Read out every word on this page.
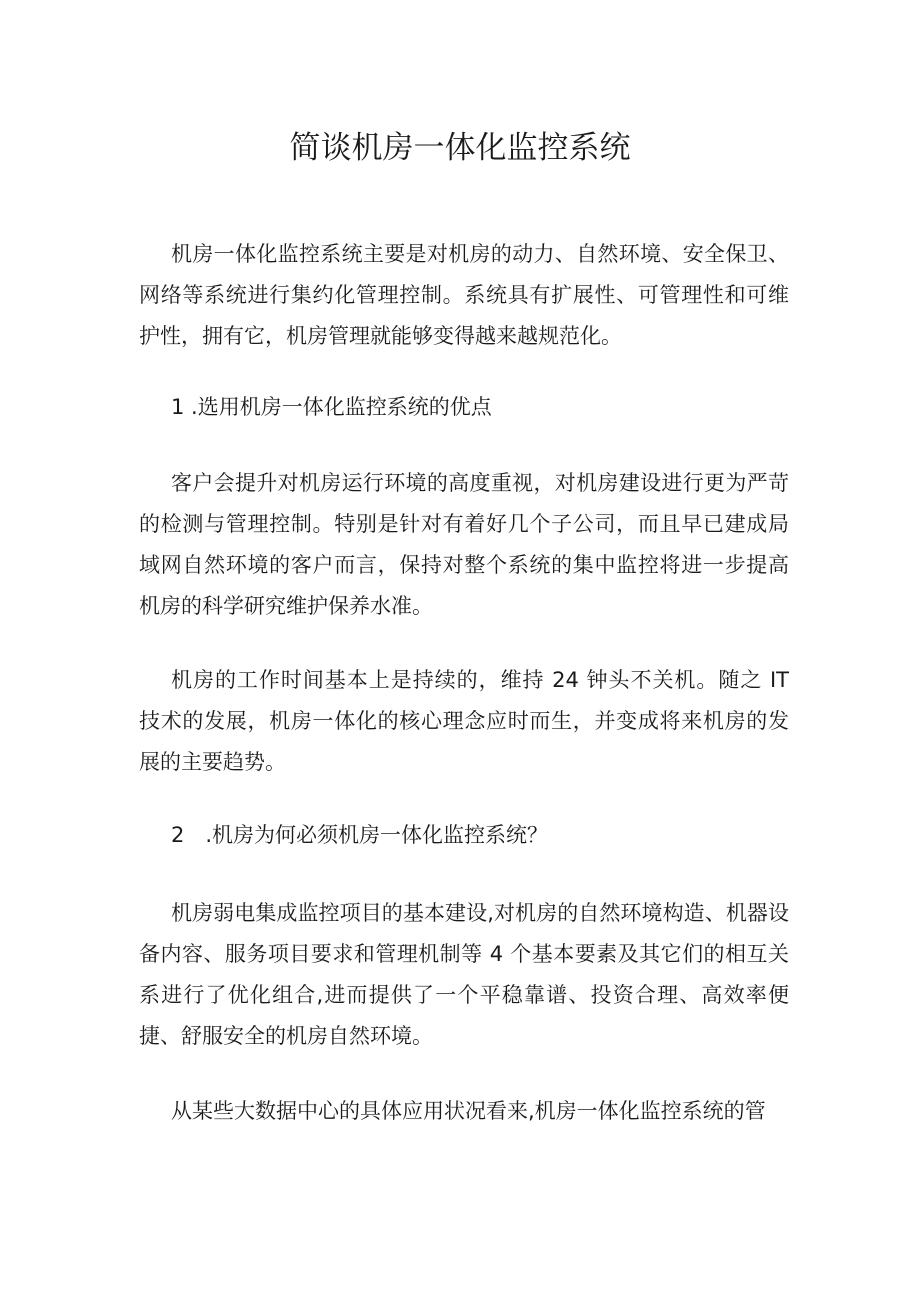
简谈机房一体化监控系统
机房一体化监控系统主要是对机房的动力、自然环境、安全保卫、网络等系统进行集约化管理控制。系统具有扩展性、可管理性和可维护性，拥有它，机房管理就能够变得越来越规范化。
1 .选用机房一体化监控系统的优点
客户会提升对机房运行环境的高度重视，对机房建设进行更为严苛的检测与管理控制。特别是针对有着好几个子公司，而且早已建成局域网自然环境的客户而言，保持对整个系统的集中监控将进一步提高机房的科学研究维护保养水准。
机房的工作时间基本上是持续的，维持 24 钟头不关机。随之 IT 技术的发展，机房一体化的核心理念应时而生，并变成将来机房的发展的主要趋势。
2　.机房为何必须机房一体化监控系统？
机房弱电集成监控项目的基本建设,对机房的自然环境构造、机器设备内容、服务项目要求和管理机制等 4 个基本要素及其它们的相互关系进行了优化组合,进而提供了一个平稳靠谱、投资合理、高效率便捷、舒服安全的机房自然环境。
从某些大数据中心的具体应用状况看来,机房一体化监控系统的管
